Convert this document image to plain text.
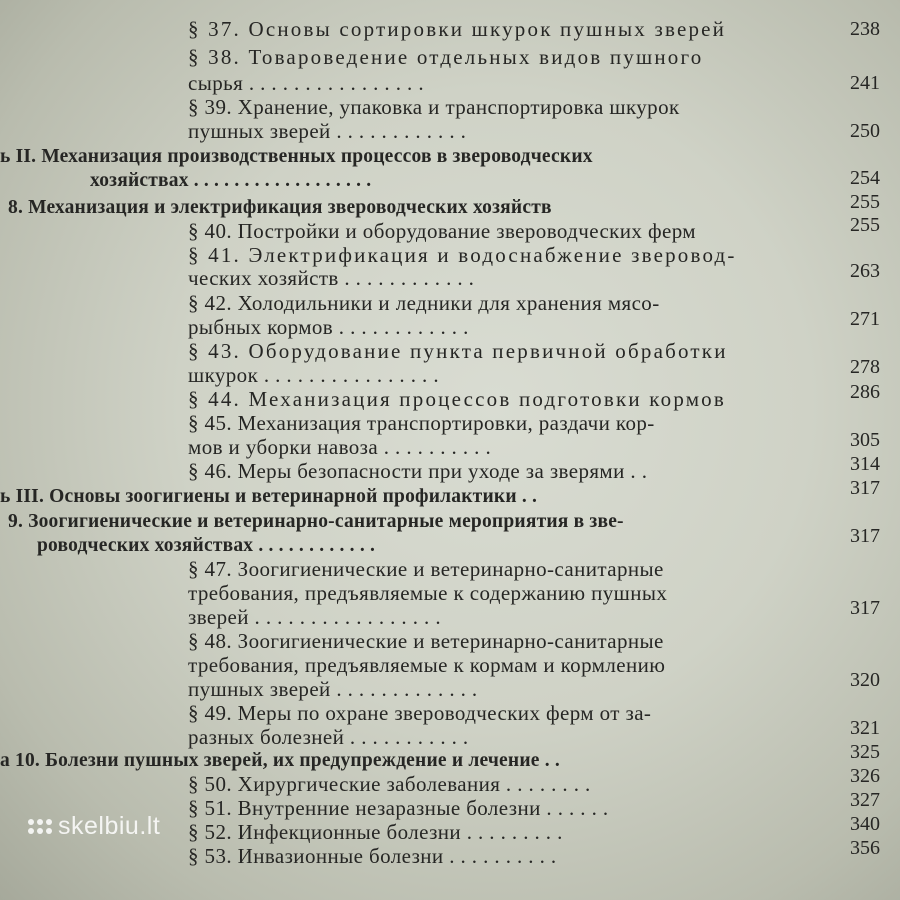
§ 37. Основы сортировки шкурок пушных зверей
§ 38. Товароведение отдельных видов пушного
сырья . . . . . . . . . . . . . . . .
§ 39. Хранение, упаковка и транспортировка шкурок
пушных зверей . . . . . . . . . . . .
ь II. Механизация производственных процессов в звероводческих
хозяйствах . . . . . . . . . . . . . . . . . .
8. Механизация и электрификация звероводческих хозяйств
§ 40. Постройки и оборудование звероводческих ферм
§ 41. Электрификация и водоснабжение зверовод-
ческих хозяйств . . . . . . . . . . . .
§ 42. Холодильники и ледники для хранения мясо-
рыбных кормов . . . . . . . . . . . .
§ 43. Оборудование пункта первичной обработки
шкурок . . . . . . . . . . . . . . . .
§ 44. Механизация процессов подготовки кормов
§ 45. Механизация транспортировки, раздачи кор-
мов и уборки навоза . . . . . . . . . .
§ 46. Меры безопасности при уходе за зверями . .
ь III. Основы зоогигиены и ветеринарной профилактики . .
9. Зоогигиенические и ветеринарно-санитарные мероприятия в зве-
роводческих хозяйствах . . . . . . . . . . . .
§ 47. Зоогигиенические и ветеринарно-санитарные
требования, предъявляемые к содержанию пушных
зверей . . . . . . . . . . . . . . . . .
§ 48. Зоогигиенические и ветеринарно-санитарные
требования, предъявляемые к кормам и кормлению
пушных зверей . . . . . . . . . . . . .
§ 49. Меры по охране звероводческих ферм от за-
разных болезней . . . . . . . . . . .
а 10. Болезни пушных зверей, их предупреждение и лечение . .
§ 50. Хирургические заболевания . . . . . . . .
§ 51. Внутренние незаразные болезни . . . . . .
§ 52. Инфекционные болезни . . . . . . . . .
§ 53. Инвазионные болезни . . . . . . . . . .
238
241
250
254
255
255
263
271
278
286
305
314
317
317
317
320
321
325
326
327
340
356
skelbiu.lt
